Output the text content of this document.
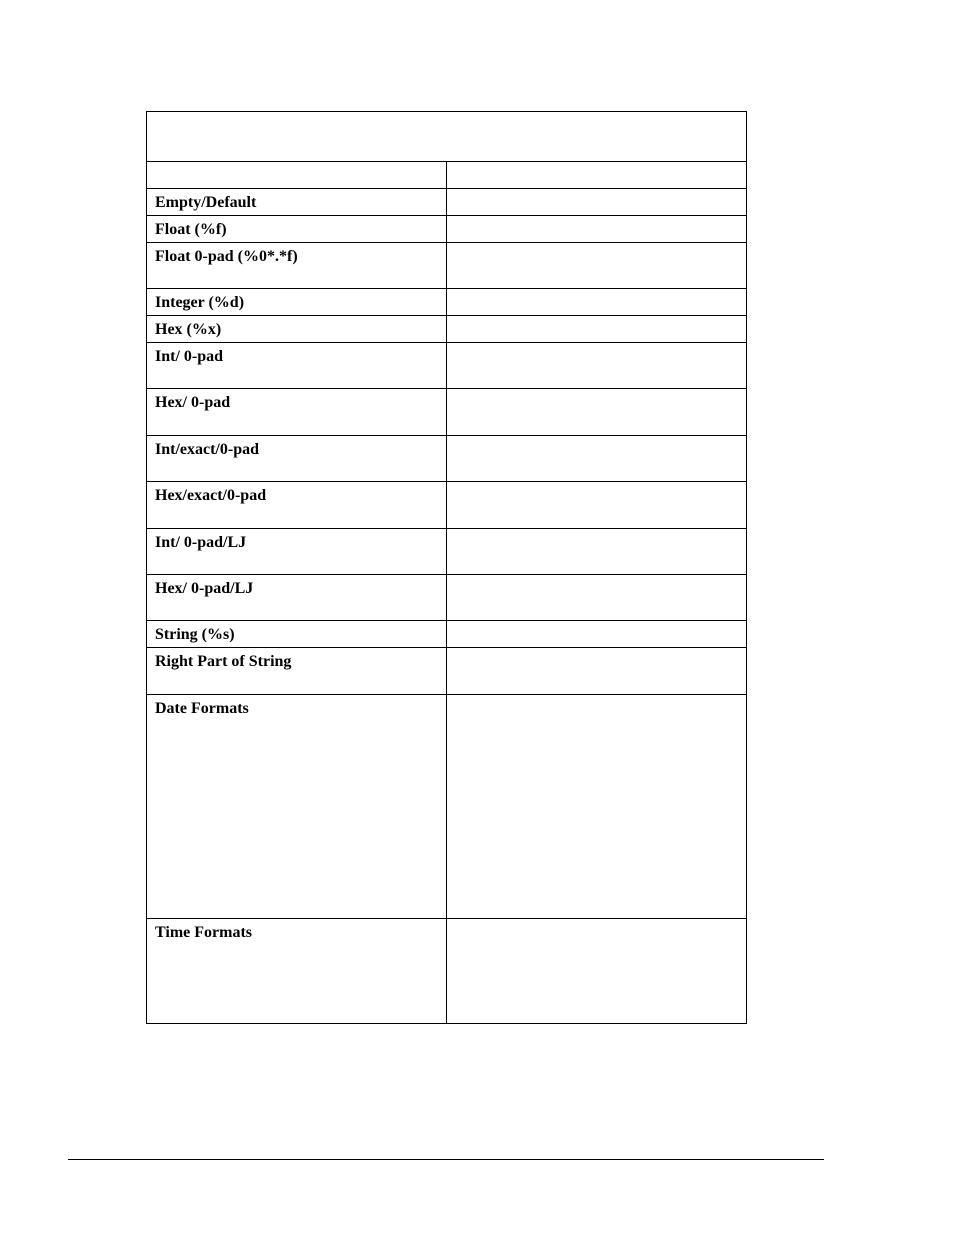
Empty/Default	

Float (%f)	

Float 0-pad (%0*.*f)	

Integer (%d)	

Hex (%x)	

Int/ 0-pad	

Hex/ 0-pad	

Int/exact/0-pad	

Hex/exact/0-pad	

Int/ 0-pad/LJ	

Hex/ 0-pad/LJ	

String (%s)	

Right Part of String	

Date Formats	

Time Formats	
